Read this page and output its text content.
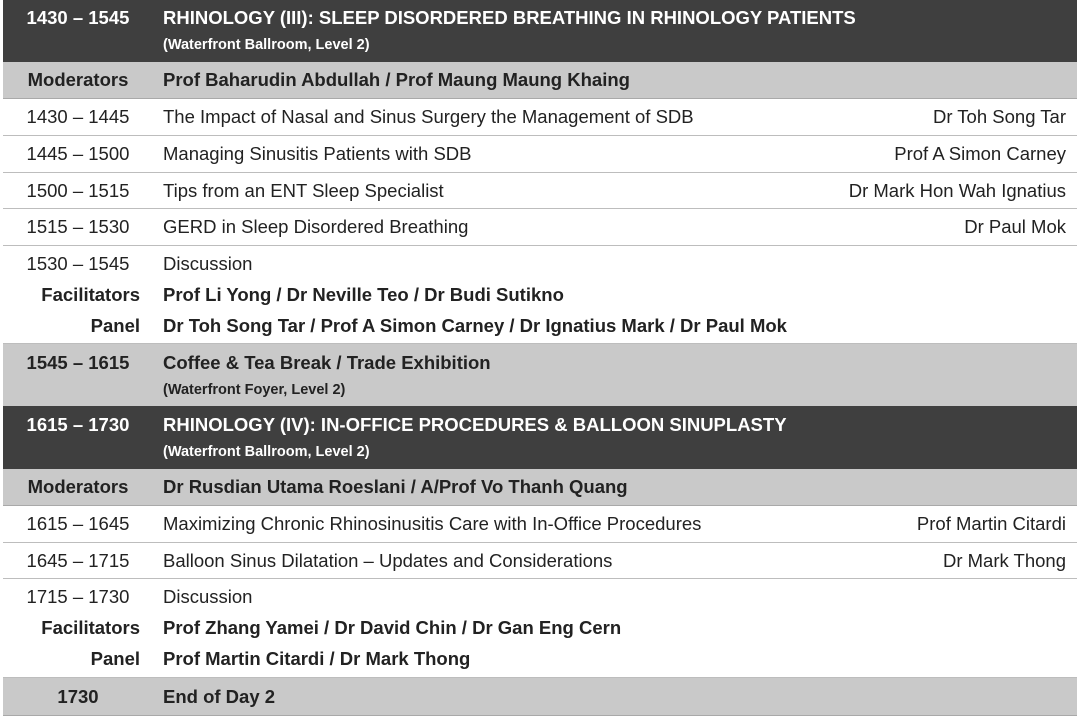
1430 – 1545	RHINOLOGY (III): SLEEP DISORDERED BREATHING IN RHINOLOGY PATIENTS
(Waterfront Ballroom, Level 2)
Moderators	Prof Baharudin Abdullah / Prof Maung Maung Khaing
1430 – 1445	The Impact of Nasal and Sinus Surgery the Management of SDB	Dr Toh Song Tar
1445 – 1500	Managing Sinusitis Patients with SDB	Prof A Simon Carney
1500 – 1515	Tips from an ENT Sleep Specialist	Dr Mark Hon Wah Ignatius
1515 – 1530	GERD in Sleep Disordered Breathing	Dr Paul Mok
1530 – 1545	Discussion
Facilitators Prof Li Yong / Dr Neville Teo / Dr Budi Sutikno
Panel Dr Toh Song Tar / Prof A Simon Carney / Dr Ignatius Mark / Dr Paul Mok
1545 – 1615	Coffee & Tea Break / Trade Exhibition
(Waterfront Foyer, Level 2)
1615 – 1730	RHINOLOGY (IV): IN-OFFICE PROCEDURES & BALLOON SINUPLASTY
(Waterfront Ballroom, Level 2)
Moderators	Dr Rusdian Utama Roeslani / A/Prof Vo Thanh Quang
1615 – 1645	Maximizing Chronic Rhinosinusitis Care with In-Office Procedures	Prof Martin Citardi
1645 – 1715	Balloon Sinus Dilatation – Updates and Considerations	Dr Mark Thong
1715 – 1730	Discussion
Facilitators Prof Zhang Yamei / Dr David Chin / Dr Gan Eng Cern
Panel Prof Martin Citardi / Dr Mark Thong
1730	End of Day 2
